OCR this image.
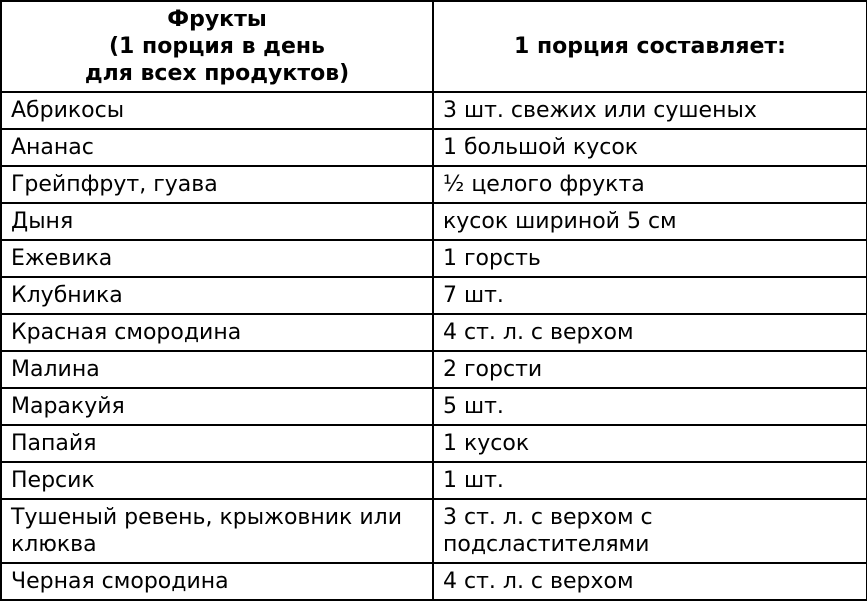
Фрукты
(1 порция в день
для всех продуктов)	1 порция составляет:
Абрикосы	3 шт. свежих или сушеных
Ананас	1 большой кусок
Грейпфрут, гуава	½ целого фрукта
Дыня	кусок шириной 5 см
Ежевика	1 горсть
Клубника	7 шт.
Красная смородина	4 ст. л. с верхом
Малина	2 горсти
Маракуйя	5 шт.
Папайя	1 кусок
Персик	1 шт.
Тушеный ревень, крыжовник или клюква	3 ст. л. с верхом с подсластителями
Черная смородина	4 ст. л. с верхом
